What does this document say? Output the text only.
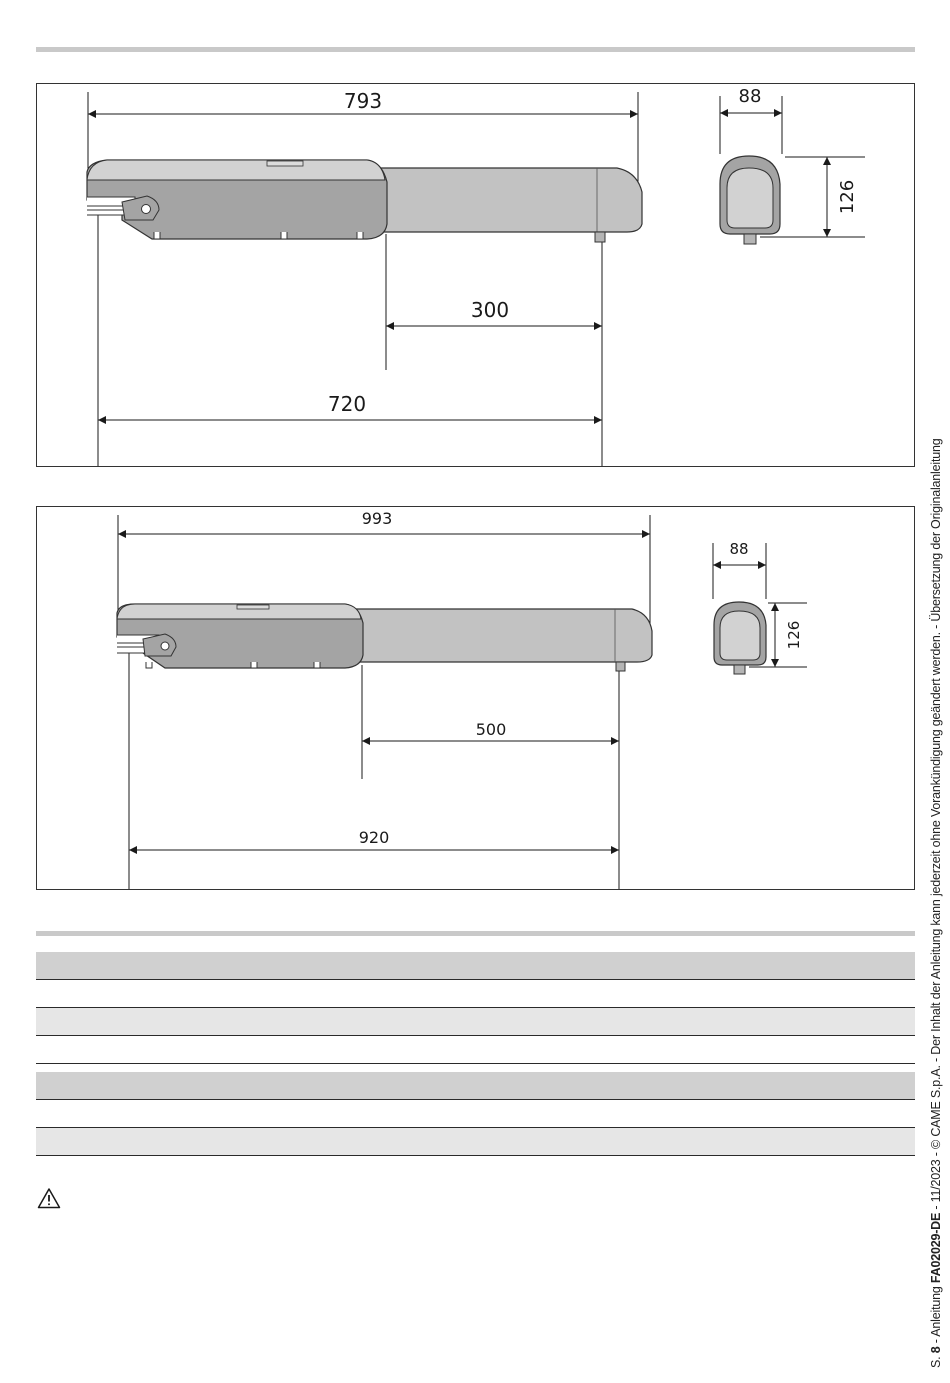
793
300
720
88
126
993
500
920
88
126
S. 8 - Anleitung FA02029-DE - 11/2023 - © CAME S.p.A. - Der Inhalt der Anleitung kann jederzeit ohne Vorankündigung geändert werden. - Übersetzung der Originalanleitung
